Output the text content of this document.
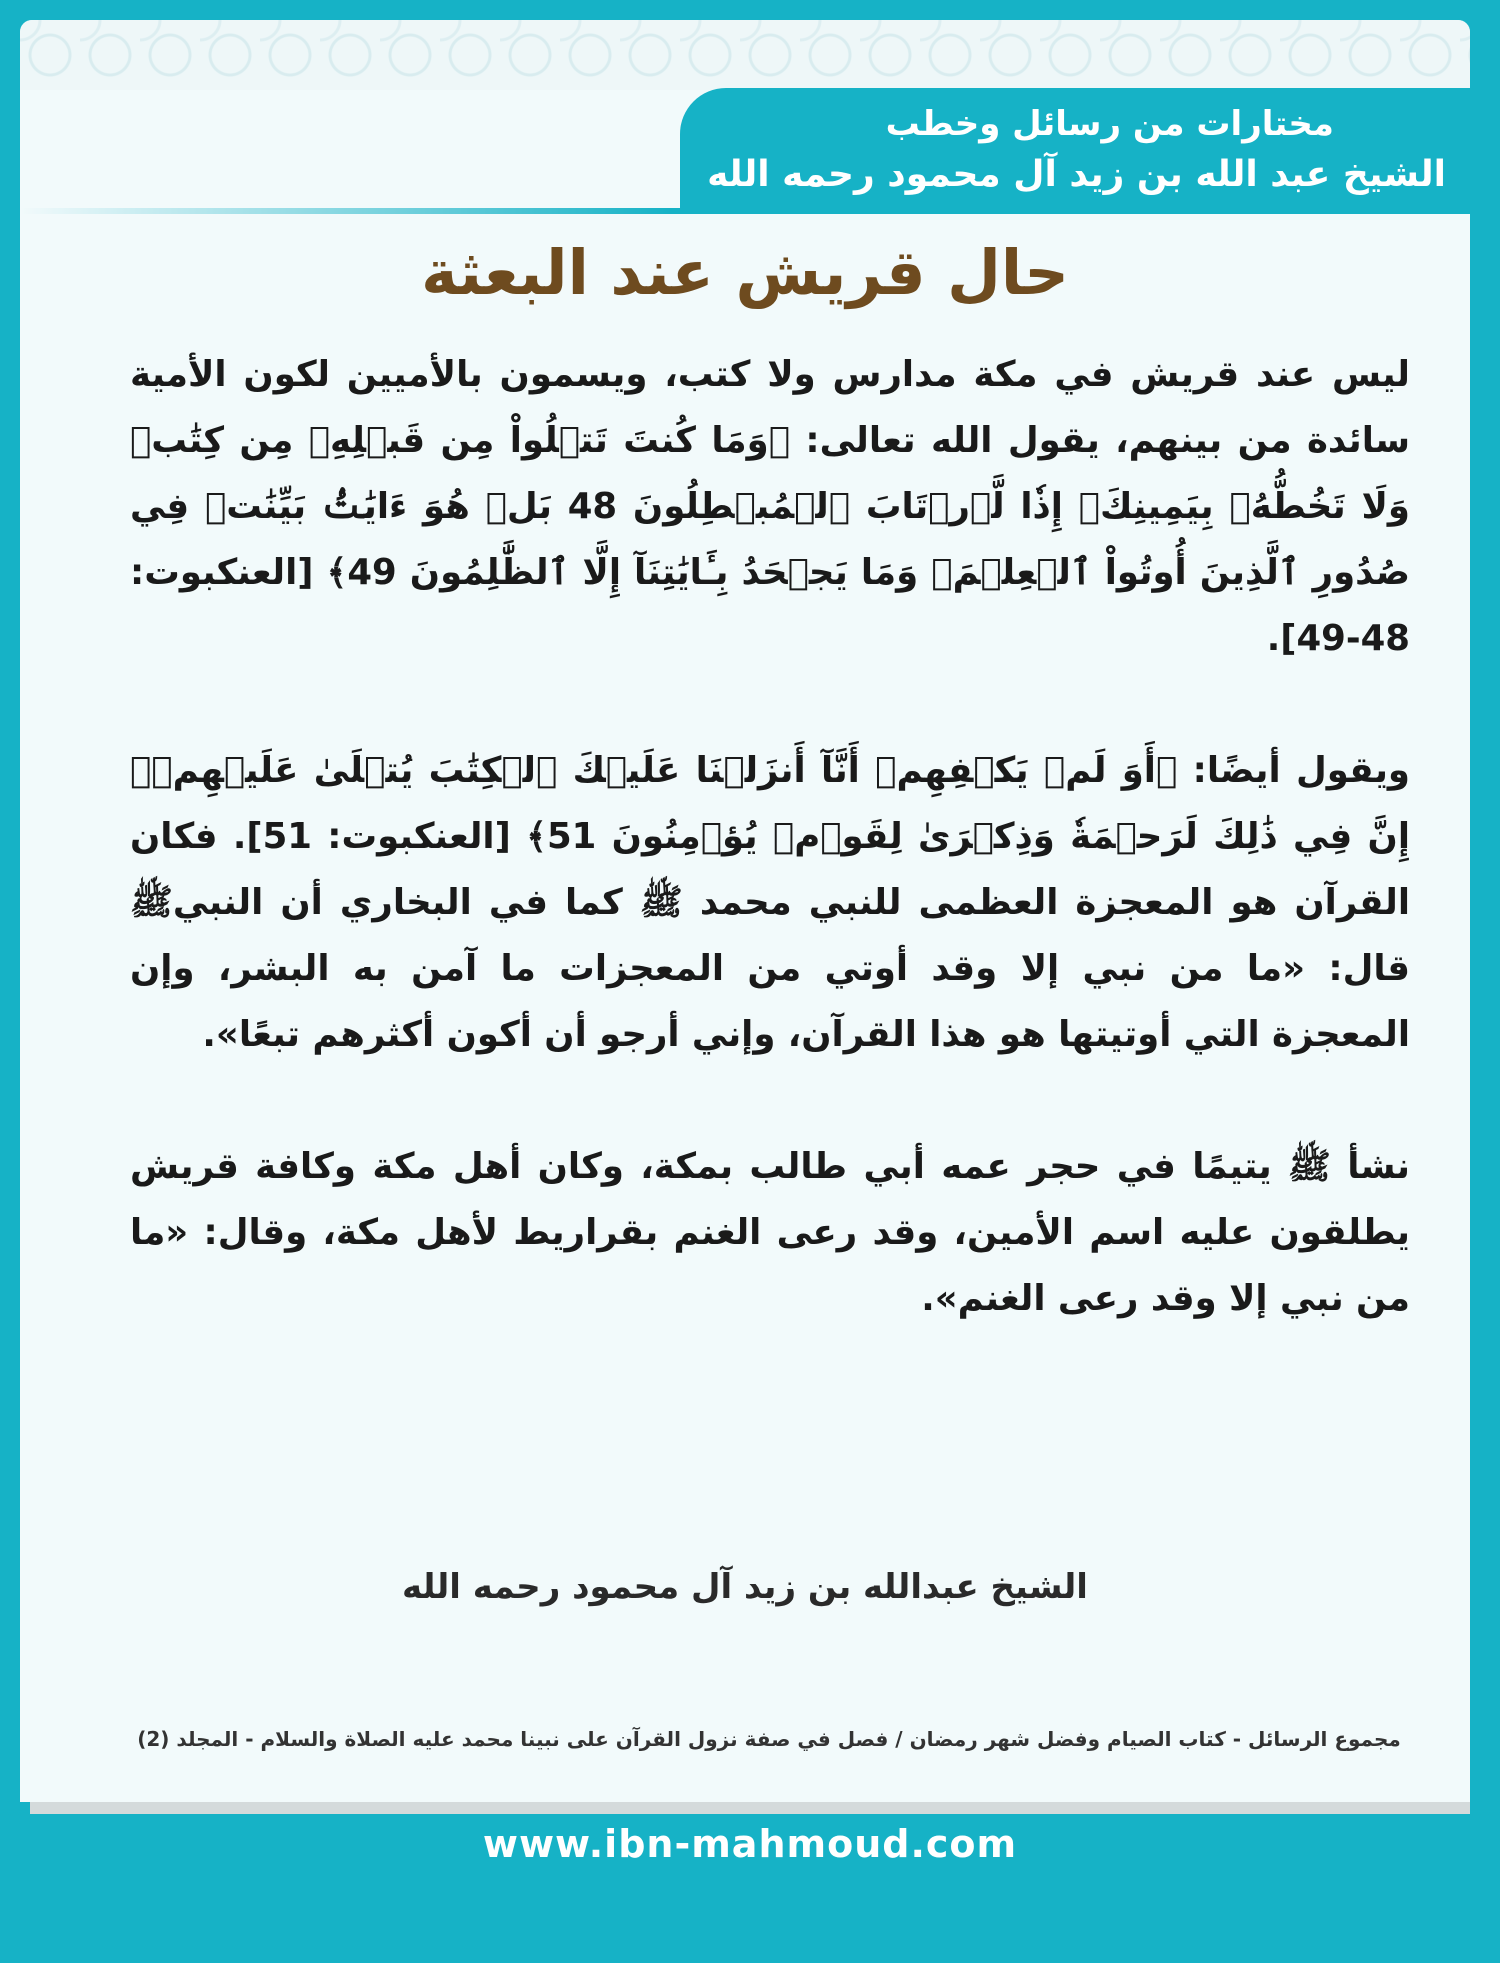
مختارات من رسائل وخطب
الشيخ عبد الله بن زيد آل محمود رحمه الله
حال قريش عند البعثة

ليس عند قريش في مكة مدارس ولا كتب، ويسمون بالأميين لكون الأمية سائدة من بينهم، يقول الله تعالى: ﴿وَمَا كُنتَ تَتۡلُواْ مِن قَبۡلِهِۦ مِن كِتَٰبٖ وَلَا تَخُطُّهُۥ بِيَمِينِكَۖ إِذٗا لَّٱرۡتَابَ ٱلۡمُبۡطِلُونَ 48 بَلۡ هُوَ ءَايَٰتُۢ بَيِّنَٰتٞ فِي صُدُورِ ٱلَّذِينَ أُوتُواْ ٱلۡعِلۡمَۚ وَمَا يَجۡحَدُ بِـَٔايَٰتِنَآ إِلَّا ٱلظَّٰلِمُونَ 49﴾ [العنكبوت: 48-49].

ويقول أيضًا: ﴿أَوَ لَمۡ يَكۡفِهِمۡ أَنَّآ أَنزَلۡنَا عَلَيۡكَ ٱلۡكِتَٰبَ يُتۡلَىٰ عَلَيۡهِمۡۚ إِنَّ فِي ذَٰلِكَ لَرَحۡمَةٗ وَذِكۡرَىٰ لِقَوۡمٖ يُؤۡمِنُونَ 51﴾ [العنكبوت: 51]. فكان القرآن هو المعجزة العظمى للنبي محمد ﷺ كما في البخاري أن النبيﷺ قال: «ما من نبي إلا وقد أوتي من المعجزات ما آمن به البشر، وإن المعجزة التي أوتيتها هو هذا القرآن، وإني أرجو أن أكون أكثرهم تبعًا».

نشأ ﷺ يتيمًا في حجر عمه أبي طالب بمكة، وكان أهل مكة وكافة قريش يطلقون عليه اسم الأمين، وقد رعى الغنم بقراريط لأهل مكة، وقال: «ما من نبي إلا وقد رعى الغنم».

الشيخ عبدالله بن زيد آل محمود رحمه الله
مجموع الرسائل - كتاب الصيام وفضل شهر رمضان / فصل في صفة نزول القرآن على نبينا محمد عليه الصلاة والسلام - المجلد (2)
www.ibn-mahmoud.com
